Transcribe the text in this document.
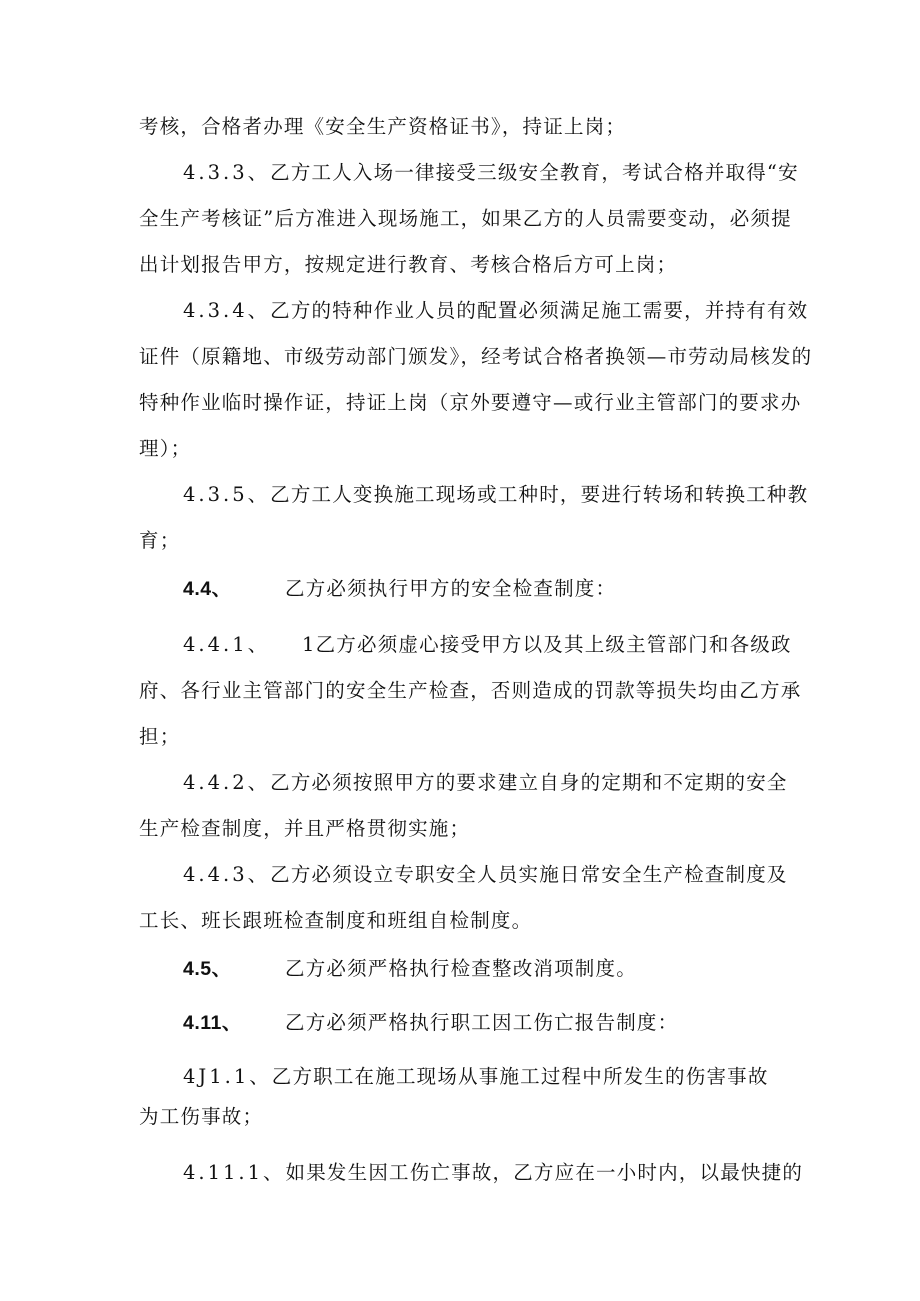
考核，合格者办理《安全生产资格证书》，持证上岗；
4.3.3、乙方工人入场一律接受三级安全教育，考试合格并取得“安
全生产考核证”后方准进入现场施工，如果乙方的人员需要变动，必须提
出计划报告甲方，按规定进行教育、考核合格后方可上岗；
4.3.4、乙方的特种作业人员的配置必须满足施工需要，并持有有效
证件（原籍地、市级劳动部门颁发》，经考试合格者换领—市劳动局核发的
特种作业临时操作证，持证上岗（京外要遵守—或行业主管部门的要求办
理）；
4.3.5、乙方工人变换施工现场或工种时，要进行转场和转换工种教
育；
4.4、	乙方必须执行甲方的安全检查制度：
4.4.1、 1乙方必须虚心接受甲方以及其上级主管部门和各级政
府、各行业主管部门的安全生产检查，否则造成的罚款等损失均由乙方承
担；
4.4.2、乙方必须按照甲方的要求建立自身的定期和不定期的安全
生产检查制度，并且严格贯彻实施；
4.4.3、乙方必须设立专职安全人员实施日常安全生产检查制度及
工长、班长跟班检查制度和班组自检制度。
4.5、	乙方必须严格执行检查整改消项制度。
4.11、 乙方必须严格执行职工因工伤亡报告制度：
4J1.1、乙方职工在施工现场从事施工过程中所发生的伤害事故
为工伤事故；
4.11.1、如果发生因工伤亡事故，乙方应在一小时内，以最快捷的
